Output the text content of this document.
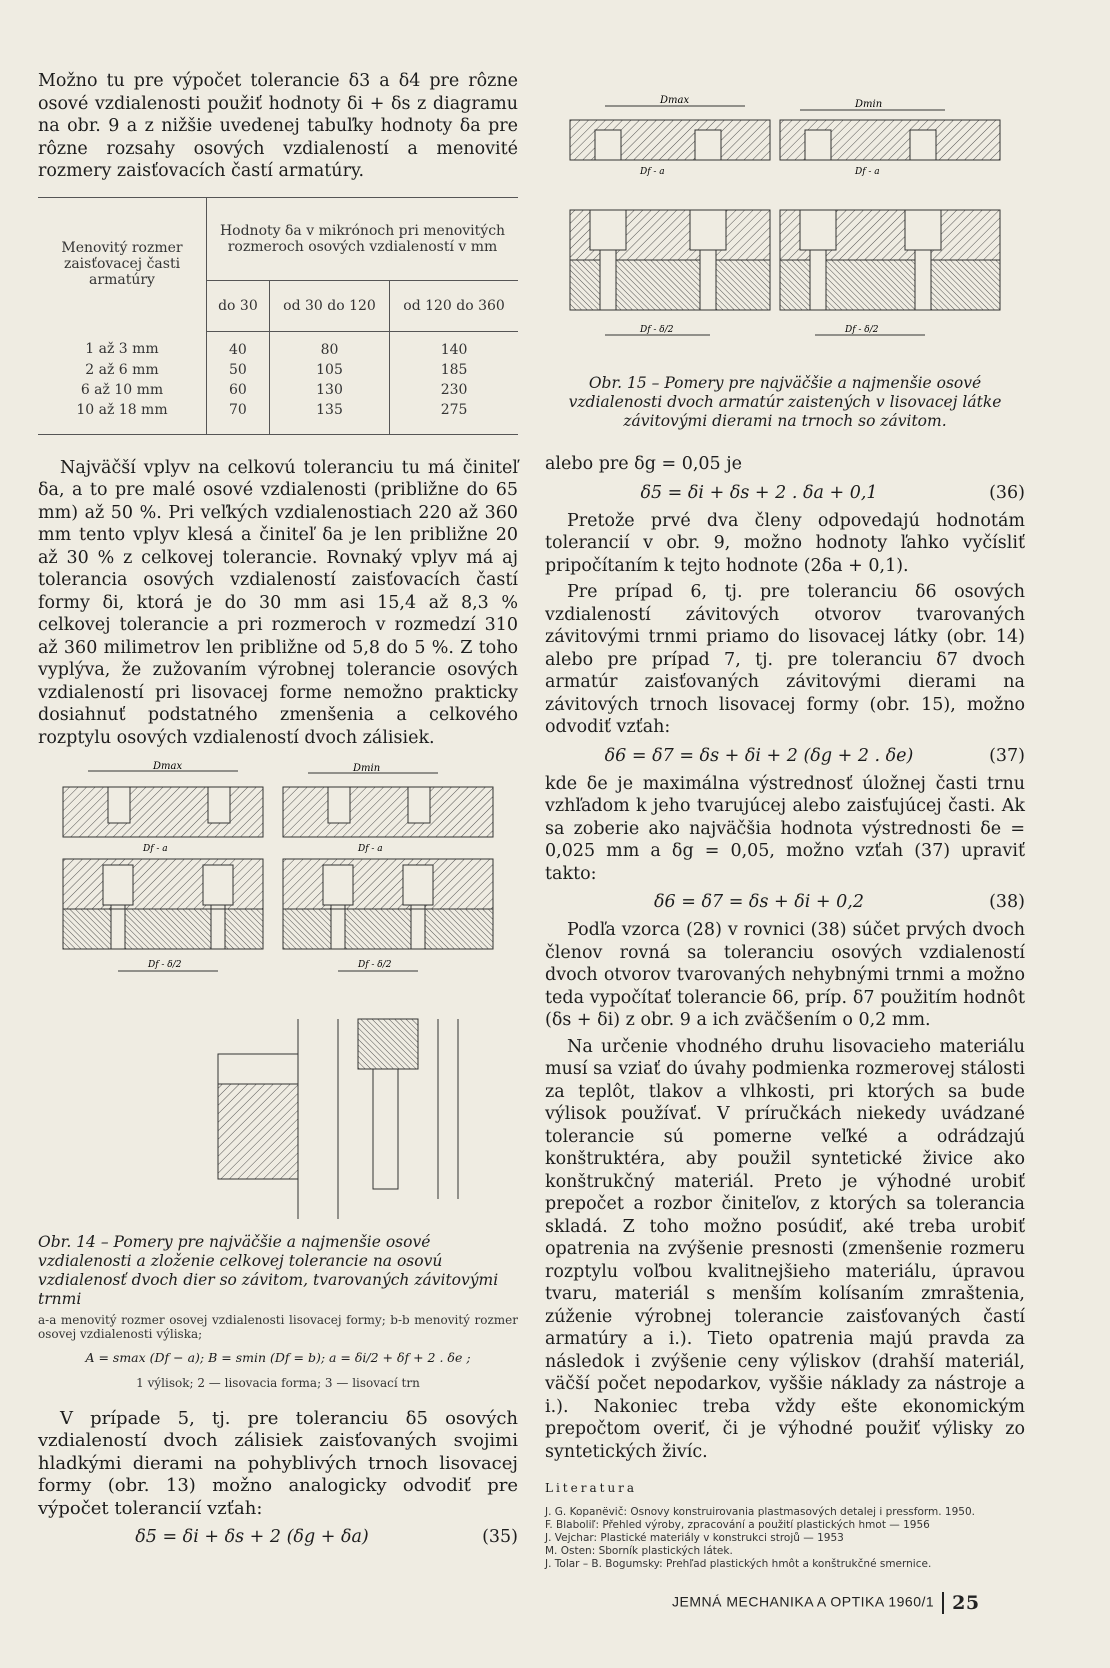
Možno tu pre výpočet tolerancie δ3 a δ4 pre rôzne osové vzdialenosti použiť hodnoty δi + δs z diagramu na obr. 9 a z nižšie uvedenej tabuľky hodnoty δa pre rôzne rozsahy osových vzdialeností a menovité rozmery zaisťovacích častí armatúry.

Menovitý rozmer zaisťovacej časti armatúry	Hodnoty δa v mikrónoch pri menovitých rozmeroch osových vzdialeností v mm		
	do 30	od 30 do 120	od 120 do 360
1 až 3 mm	40	80	140
2 až 6 mm	50	105	185
6 až 10 mm	60	130	230
10 až 18 mm	70	135	275

Najväčší vplyv na celkovú toleranciu tu má činiteľ δa, a to pre malé osové vzdialenosti (približne do 65 mm) až 50 %. Pri veľkých vzdialenostiach 220 až 360 mm tento vplyv klesá a činiteľ δa je len približne 20 až 30 % z celkovej tolerancie. Rovnaký vplyv má aj tolerancia osových vzdialeností zaisťovacích častí formy δi, ktorá je do 30 mm asi 15,4 až 8,3 % celkovej tolerancie a pri rozmeroch v rozmedzí 310 až 360 milimetrov len približne od 5,8 do 5 %. Z toho vyplýva, že zužovaním výrobnej tolerancie osových vzdialeností pri lisovacej forme nemožno prakticky dosiahnuť podstatného zmenšenia a celkového rozptylu osových vzdialeností dvoch zálisiek.

Dmax	Dmin
Df - a	Df - a
Df - δ/2	Df - δ/2

Obr. 14 – Pomery pre najväčšie a najmenšie osové vzdialenosti a zloženie celkovej tolerancie na osovú vzdialenosť dvoch dier so závitom, tvarovaných závitovými trnmi

a-a menovitý rozmer osovej vzdialenosti lisovacej formy; b-b menovitý rozmer osovej vzdialenosti výliska;

A = smax (Df − a); B = smin (Df = b); a = δi/2 + δf + 2 . δe ;

1 výlisok; 2 — lisovacia forma; 3 — lisovací trn

V prípade 5, tj. pre toleranciu δ5 osových vzdialeností dvoch zálisiek zaisťovaných svojimi hladkými dierami na pohyblivých trnoch lisovacej formy (obr. 13) možno analogicky odvodiť pre výpočet tolerancií vzťah:

δ5 = δi + δs + 2 (δg + δa)	(35)
Dmax	Dmin
Df - a	Df - a
Df - δ/2	Df - δ/2

Obr. 15 – Pomery pre najväčšie a najmenšie osové vzdialenosti dvoch armatúr zaistených v lisovacej látke závitovými dierami na trnoch so závitom.

alebo pre δg = 0,05 je

δ5 = δi + δs + 2 . δa + 0,1	(36)

Pretože prvé dva členy odpovedajú hodnotám tolerancií v obr. 9, možno hodnoty ľahko vyčísliť pripočítaním k tejto hodnote (2δa + 0,1).

Pre prípad 6, tj. pre toleranciu δ6 osových vzdialeností závitových otvorov tvarovaných závitovými trnmi priamo do lisovacej látky (obr. 14) alebo pre prípad 7, tj. pre toleranciu δ7 dvoch armatúr zaisťovaných závitovými dierami na závitových trnoch lisovacej formy (obr. 15), možno odvodiť vzťah:

δ6 = δ7 = δs + δi + 2 (δg + 2 . δe)	(37)

kde δe je maximálna výstrednosť úložnej časti trnu vzhľadom k jeho tvarujúcej alebo zaisťujúcej časti. Ak sa zoberie ako najväčšia hodnota výstrednosti δe = 0,025 mm a δg = 0,05, možno vzťah (37) upraviť takto:

δ6 = δ7 = δs + δi + 0,2	(38)

Podľa vzorca (28) v rovnici (38) súčet prvých dvoch členov rovná sa toleranciu osových vzdialeností dvoch otvorov tvarovaných nehybnými trnmi a možno teda vypočítať tolerancie δ6, príp. δ7 použitím hodnôt (δs + δi) z obr. 9 a ich zväčšením o 0,2 mm.

Na určenie vhodného druhu lisovacieho materiálu musí sa vziať do úvahy podmienka rozmerovej stálosti za teplôt, tlakov a vlhkosti, pri ktorých sa bude výlisok používať. V príručkách niekedy uvádzané tolerancie sú pomerne veľké a odrádzajú konštruktéra, aby použil syntetické živice ako konštrukčný materiál. Preto je výhodné urobiť prepočet a rozbor činiteľov, z ktorých sa tolerancia skladá. Z toho možno posúdiť, aké treba urobiť opatrenia na zvýšenie presnosti (zmenšenie rozmeru rozptylu voľbou kvalitnejšieho materiálu, úpravou tvaru, materiál s menším kolísaním zmraštenia, zúženie výrobnej tolerancie zaisťovaných častí armatúry a i.). Tieto opatrenia majú pravda za následok i zvýšenie ceny výliskov (drahší materiál, väčší počet nepodarkov, vyššie náklady za nástroje a i.). Nakoniec treba vždy ešte ekonomickým prepočtom overiť, či je výhodné použiť výlisky zo syntetických živíc.

Literatura

J. G. Kopanëvič: Osnovy konstruirovania plastmasových detalej i pressform. 1950.

F. Blaboliľ: Přehled výroby, zpracování a použití plastických hmot — 1956

J. Vejchar: Plastické materiály v konstrukci strojů — 1953

M. Osten: Sborník plastických látek.

J. Tolar – B. Bogumsky: Prehľad plastických hmôt a konštrukčné smernice.

JEMNÁ MECHANIKA A OPTIKA 1960/1 25
